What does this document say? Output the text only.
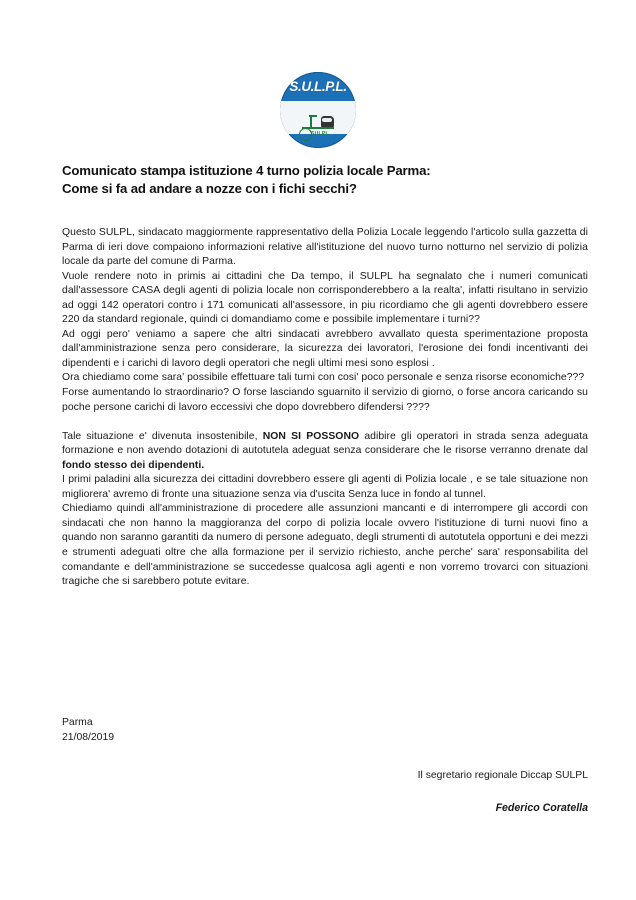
S.U.L.P.L.
SULPL
Comunicato stampa istituzione 4 turno polizia locale Parma:
Come si fa ad andare a nozze con i fichi secchi?

Questo SULPL, sindacato maggiormente rappresentativo della Polizia Locale leggendo l'articolo sulla gazzetta di Parma di ieri dove compaiono informazioni relative all'istituzione del nuovo turno notturno nel servizio di polizia locale da parte del comune di Parma.

Vuole rendere noto in primis ai cittadini che Da tempo, il SULPL ha segnalato che i numeri comunicati dall'assessore CASA degli agenti di polizia locale non corrisponderebbero a la realta', infatti risultano in servizio ad oggi 142 operatori contro i 171 comunicati all'assessore, in piu ricordiamo che gli agenti dovrebbero essere 220 da standard regionale, quindi ci domandiamo come e possibile implementare i turni??

Ad oggi pero' veniamo a sapere che altri sindacati avrebbero avvallato questa sperimentazione proposta dall'amministrazione senza pero considerare, la sicurezza dei lavoratori, l'erosione dei fondi incentivanti dei dipendenti e i carichi di lavoro degli operatori che negli ultimi mesi sono esplosi .

Ora chiediamo come sara' possibile effettuare tali turni con cosi' poco personale e senza risorse economiche???

Forse aumentando lo straordinario? O forse lasciando sguarnito il servizio di giorno, o forse ancora caricando su poche persone carichi di lavoro eccessivi che dopo dovrebbero difendersi ????

Tale situazione e' divenuta insostenibile, NON SI POSSONO adibire gli operatori in strada senza adeguata formazione e non avendo dotazioni di autotutela adeguat senza considerare che le risorse verranno drenate dal fondo stesso dei dipendenti.

I primi paladini alla sicurezza dei cittadini dovrebbero essere gli agenti di Polizia locale , e se tale situazione non migliorera' avremo di fronte una situazione senza via d'uscita Senza luce in fondo al tunnel.

Chiediamo quindi all'amministrazione di procedere alle assunzioni mancanti e di interrompere gli accordi con sindacati che non hanno la maggioranza del corpo di polizia locale ovvero l'istituzione di turni nuovi fino a quando non saranno garantiti da numero di persone adeguato, degli strumenti di autotutela opportuni e dei mezzi e strumenti adeguati oltre che alla formazione per il servizio richiesto, anche perche' sara' responsabilita del comandante e dell'amministrazione se succedesse qualcosa agli agenti e non vorremo trovarci con situazioni tragiche che si sarebbero potute evitare.

Parma
21/08/2019
Il segretario regionale Diccap SULPL
Federico Coratella
